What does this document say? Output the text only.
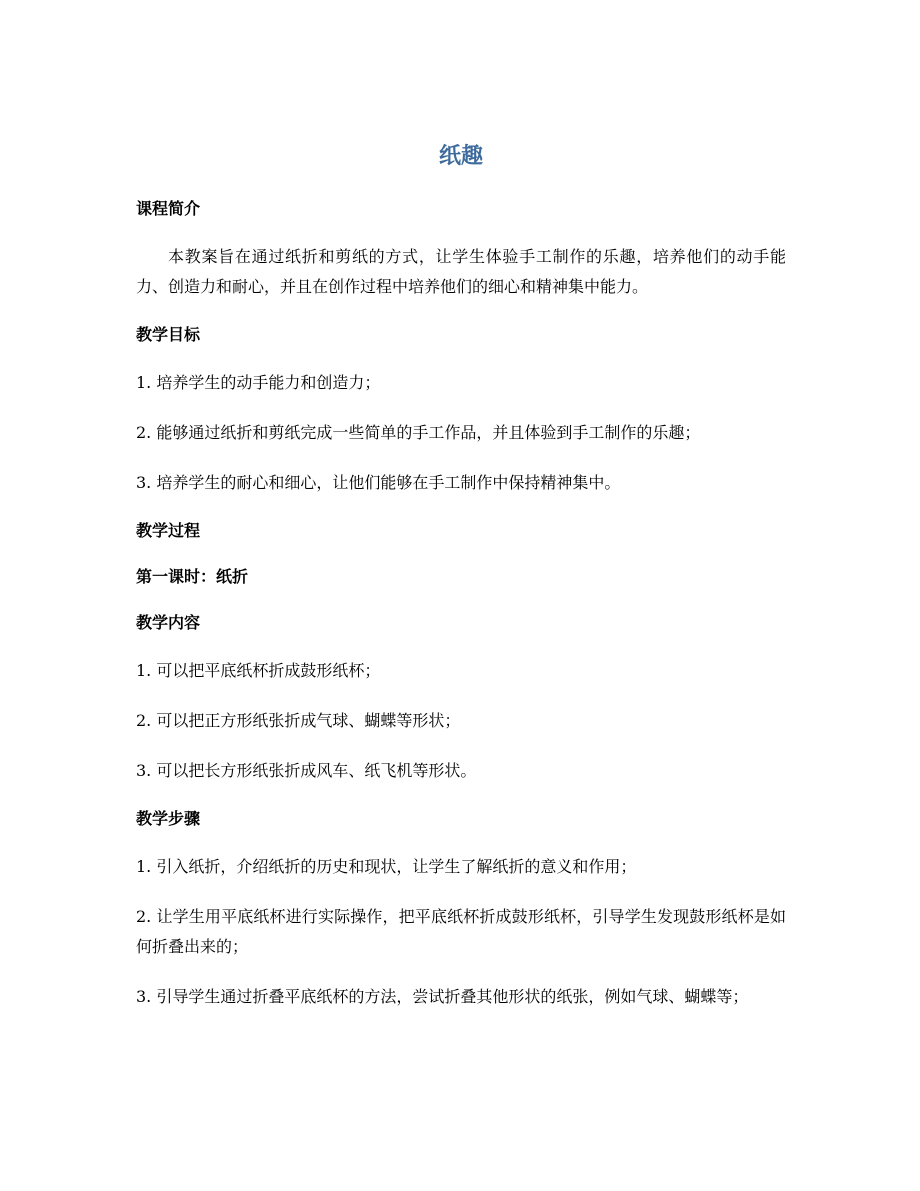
纸趣
课程简介

本教案旨在通过纸折和剪纸的方式，让学生体验手工制作的乐趣，培养他们的动手能力、创造力和耐心，并且在创作过程中培养他们的细心和精神集中能力。

教学目标

1. 培养学生的动手能力和创造力；

2. 能够通过纸折和剪纸完成一些简单的手工作品，并且体验到手工制作的乐趣；

3. 培养学生的耐心和细心，让他们能够在手工制作中保持精神集中。

教学过程
第一课时：纸折
教学内容

1. 可以把平底纸杯折成鼓形纸杯；

2. 可以把正方形纸张折成气球、蝴蝶等形状；

3. 可以把长方形纸张折成风车、纸飞机等形状。

教学步骤

1. 引入纸折，介绍纸折的历史和现状，让学生了解纸折的意义和作用；

2. 让学生用平底纸杯进行实际操作，把平底纸杯折成鼓形纸杯，引导学生发现鼓形纸杯是如何折叠出来的；

3. 引导学生通过折叠平底纸杯的方法，尝试折叠其他形状的纸张，例如气球、蝴蝶等；
